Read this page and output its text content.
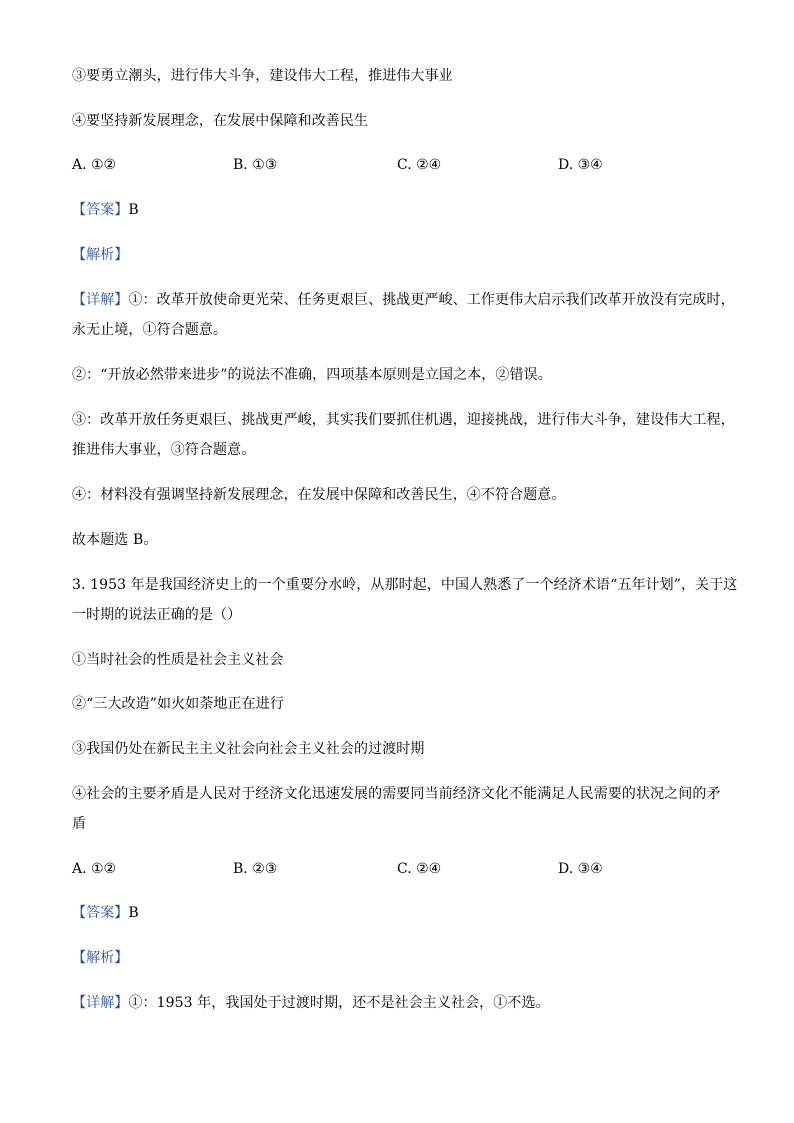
③要勇立潮头，进行伟大斗争，建设伟大工程，推进伟大事业
④要坚持新发展理念，在发展中保障和改善民生
A. ①②	B. ①③	C. ②④	D. ③④
【答案】B
【解析】
【详解】①：改革开放使命更光荣、任务更艰巨、挑战更严峻、工作更伟大启示我们改革开放没有完成时，
永无止境，①符合题意。
②：“开放必然带来进步”的说法不准确，四项基本原则是立国之本，②错误。
③：改革开放任务更艰巨、挑战更严峻，其实我们要抓住机遇，迎接挑战，进行伟大斗争，建设伟大工程，
推进伟大事业，③符合题意。
④：材料没有强调坚持新发展理念，在发展中保障和改善民生，④不符合题意。
故本题选 B。
3. 1953 年是我国经济史上的一个重要分水岭，从那时起，中国人熟悉了一个经济术语“五年计划”，关于这
一时期的说法正确的是（）
①当时社会的性质是社会主义社会
②“三大改造”如火如荼地正在进行
③我国仍处在新民主主义社会向社会主义社会的过渡时期
④社会的主要矛盾是人民对于经济文化迅速发展的需要同当前经济文化不能满足人民需要的状况之间的矛
盾
A. ①②	B. ②③	C. ②④	D. ③④
【答案】B
【解析】
【详解】①：1953 年，我国处于过渡时期，还不是社会主义社会，①不选。
